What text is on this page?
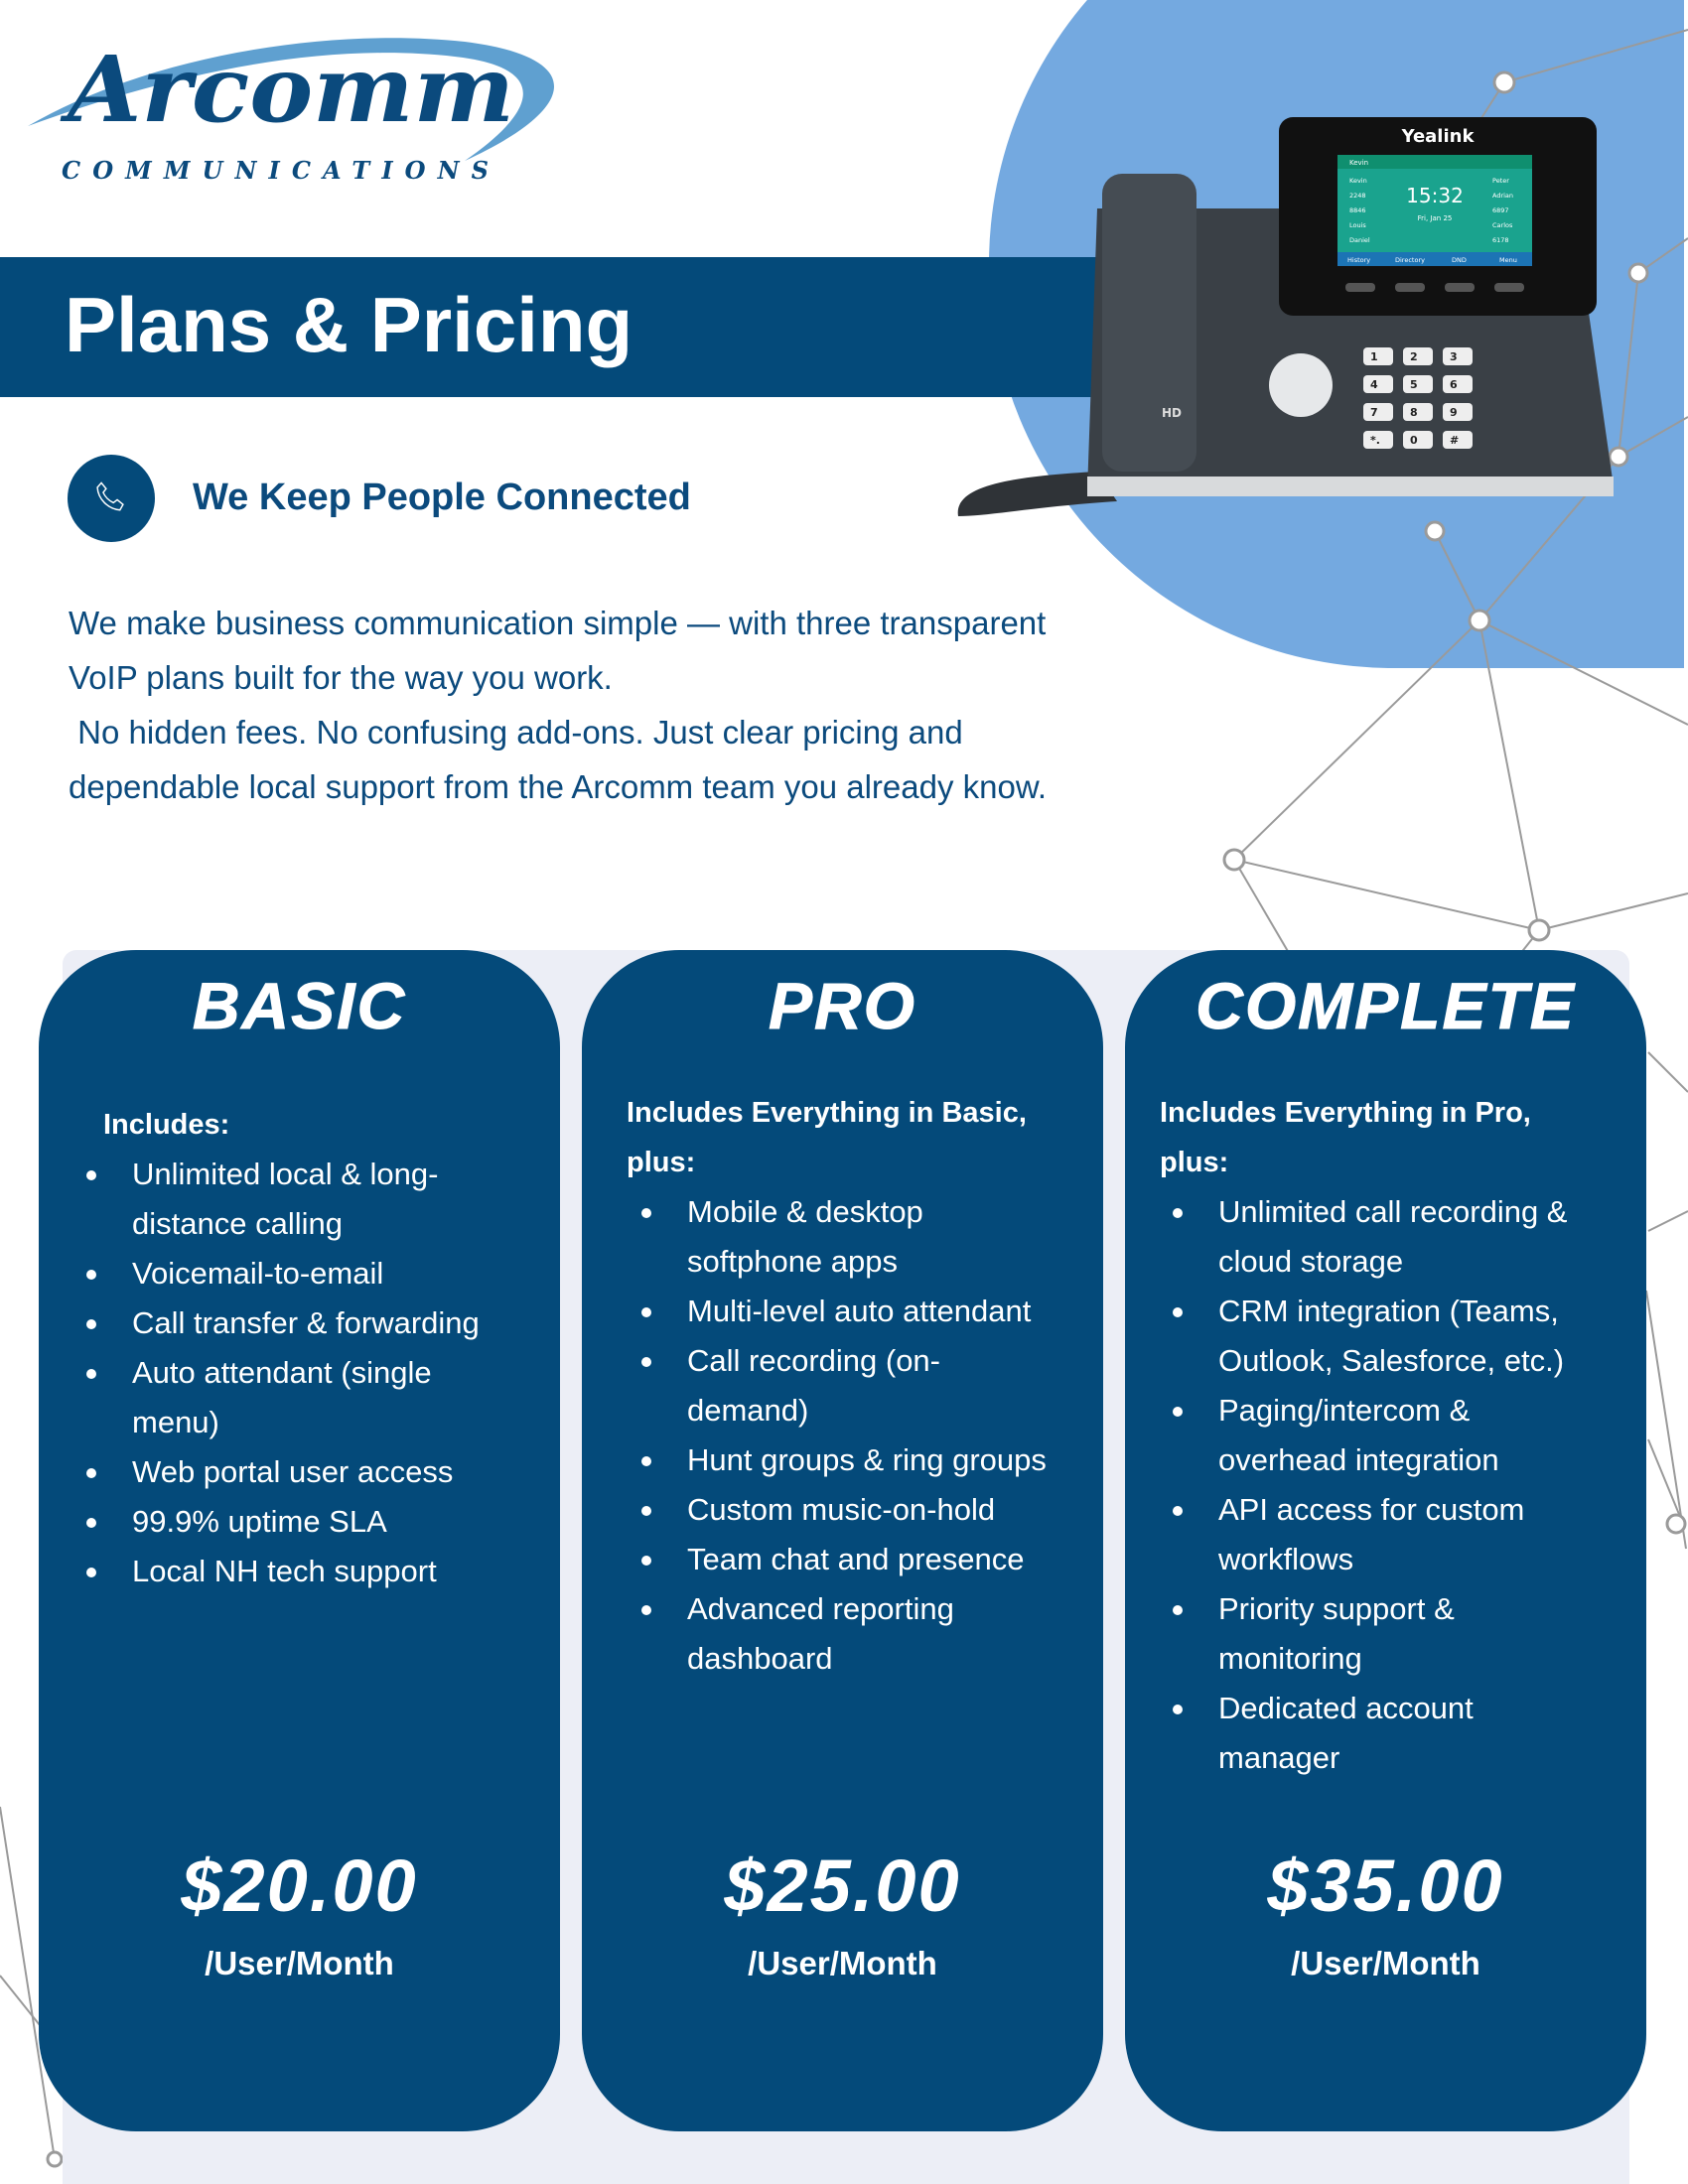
Arcomm
COMMUNICATIONS
Plans & Pricing
HD
Yealink
Kevin
15:32
Fri, Jan 25
Kevin
2248
8846
Louis
Daniel
Peter
Adrian
6897
Carlos
6178
History	Directory	DND	Menu
1	2	3
4	5	6
7	8	9
*.	0	#
We Keep People Connected
We make business communication simple — with three transparent
VoIP plans built for the way you work.
No hidden fees. No confusing add-ons. Just clear pricing and
dependable local support from the Arcomm team you already know.
BASIC
Includes:
Unlimited local & long-
distance calling
Voicemail-to-email
Call transfer & forwarding
Auto attendant (single
menu)
Web portal user access
99.9% uptime SLA
Local NH tech support
$20.00
/User/Month
PRO
Includes Everything in Basic,
plus:
Mobile & desktop
softphone apps
Multi-level auto attendant
Call recording (on-
demand)
Hunt groups & ring groups
Custom music-on-hold
Team chat and presence
Advanced reporting
dashboard
$25.00
/User/Month
COMPLETE
Includes Everything in Pro,
plus:
Unlimited call recording &
cloud storage
CRM integration (Teams,
Outlook, Salesforce, etc.)
Paging/intercom &
overhead integration
API access for custom
workflows
Priority support &
monitoring
Dedicated account
manager
$35.00
/User/Month
